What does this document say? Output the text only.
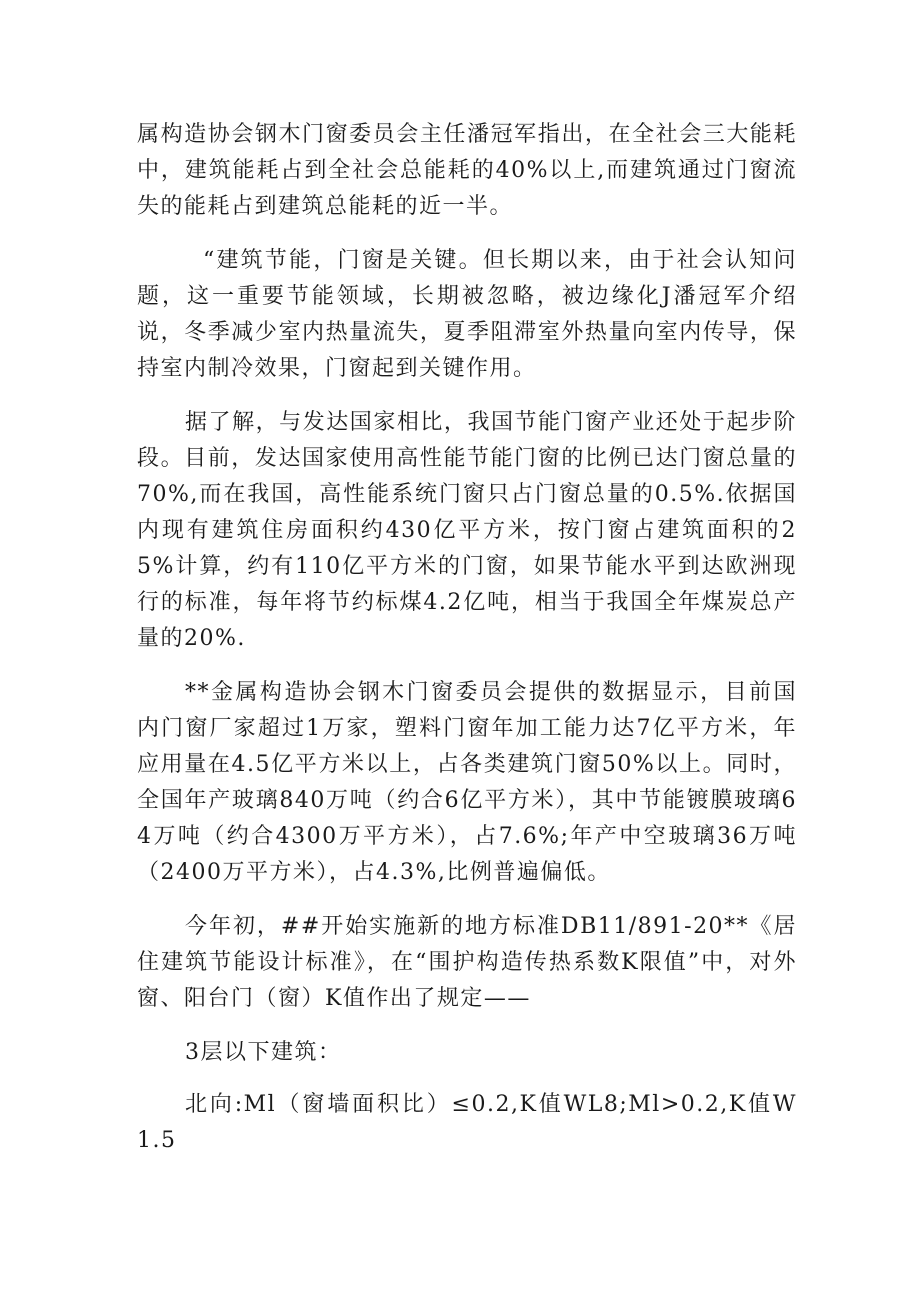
属构造协会钢木门窗委员会主任潘冠军指出，在全社会三大能耗中，建筑能耗占到全社会总能耗的40%以上,而建筑通过门窗流失的能耗占到建筑总能耗的近一半。

“建筑节能，门窗是关键。但长期以来，由于社会认知问题，这一重要节能领域，长期被忽略，被边缘化J潘冠军介绍说，冬季减少室内热量流失，夏季阻滞室外热量向室内传导，保持室内制冷效果，门窗起到关键作用。

据了解，与发达国家相比，我国节能门窗产业还处于起步阶段。目前，发达国家使用高性能节能门窗的比例已达门窗总量的70%,而在我国，高性能系统门窗只占门窗总量的0.5%.依据国内现有建筑住房面积约430亿平方米，按门窗占建筑面积的25%计算，约有110亿平方米的门窗，如果节能水平到达欧洲现行的标准，每年将节约标煤4.2亿吨，相当于我国全年煤炭总产量的20%.

**金属构造协会钢木门窗委员会提供的数据显示，目前国内门窗厂家超过1万家，塑料门窗年加工能力达7亿平方米，年应用量在4.5亿平方米以上，占各类建筑门窗50%以上。同时，全国年产玻璃840万吨（约合6亿平方米），其中节能镀膜玻璃64万吨（约合4300万平方米），占7.6%;年产中空玻璃36万吨（2400万平方米），占4.3%,比例普遍偏低。

今年初，##开始实施新的地方标准DB11/891-20**《居住建筑节能设计标准》，在“围护构造传热系数K限值”中，对外窗、阳台门（窗）K值作出了规定——

3层以下建筑：

北向:Ml（窗墙面积比）≤0.2,K值WL8;Ml>0.2,K值W1.5
